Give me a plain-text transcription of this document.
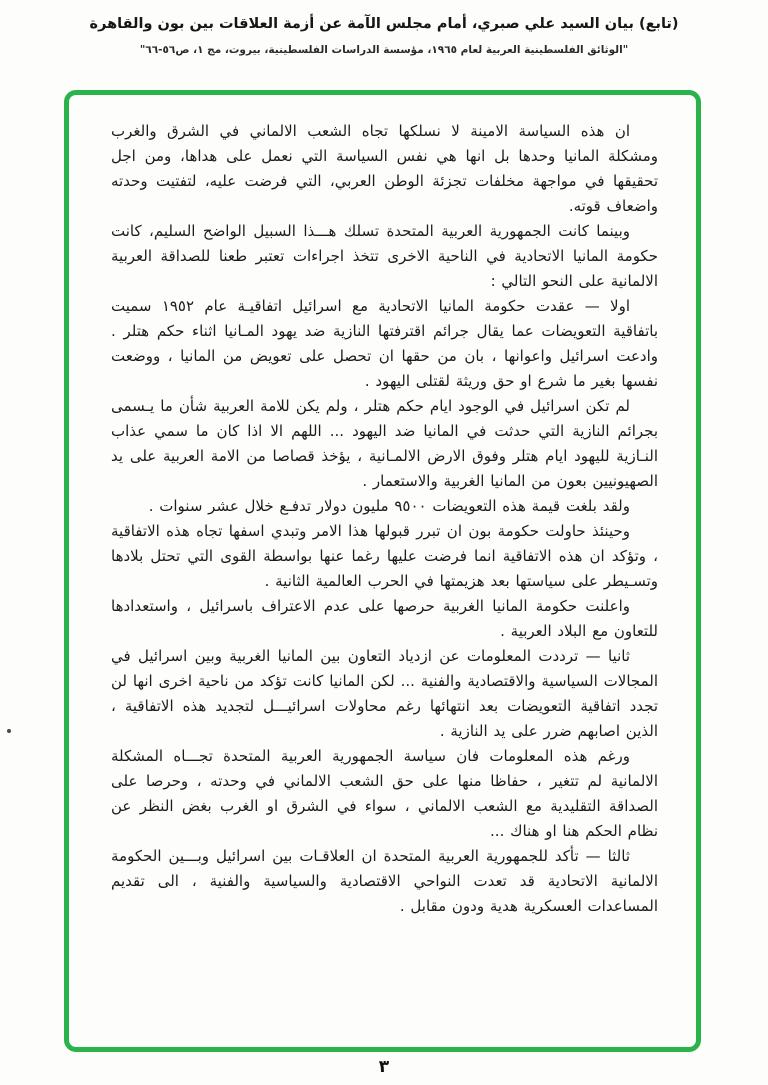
(تابع) بيان السيد علي صبري، أمام مجلس الآمة عن أزمة العلاقات بين بون والقاهرة
"الوثائق الفلسطينية العربية لعام ١٩٦٥، مؤسسة الدراسات الفلسطينية، بيروت، مج ١، ص٥٦-٦٦"

ان هذه السياسة الامينة لا نسلكها تجاه الشعب الالماني في الشرق والغرب ومشكلة المانيا وحدها بل انها هي نفس السياسة التي نعمل على هداها، ومن اجل تحقيقها في مواجهة مخلفات تجزئة الوطن العربي، التي فرضت عليه، لتفتيت وحدته واضعاف قوته.

وبينما كانت الجمهورية العربية المتحدة تسلك هـــذا السبيل الواضح السليم، كانت حكومة المانيا الاتحادية في الناحية الاخرى تتخذ اجراءات تعتبر طعنا للصداقة العربية الالمانية على النحو التالي :

اولا — عقدت حكومة المانيا الاتحادية مع اسرائيل اتفاقيـة عام ١٩٥٢ سميت باتفاقية التعويضات عما يقال جرائم اقترفتها النازية ضد يهود المـانيا اثناء حكم هتلر . وادعت اسرائيل واعوانها ، بان من حقها ان تحصل على تعويض من المانيا ، ووضعت نفسها بغير ما شرع او حق وريثة لقتلى اليهود .

لم تكن اسرائيل في الوجود ايام حكم هتلر ، ولم يكن للامة العربية شأن ما يـسمى بجرائم النازية التي حدثت في المانيا ضد اليهود ... اللهم الا اذا كان ما سمي عذاب النـازية لليهود ايام هتلر وفوق الارض الالمـانية ، يؤخذ قصاصا من الامة العربية على يد الصهيونيين بعون من المانيا الغربية والاستعمار .

ولقد بلغت قيمة هذه التعويضات ٩٥٠٠ مليون دولار تدفـع خلال عشر سنوات .

وحينئذ حاولت حكومة بون ان تبرر قبولها هذا الامر وتبدي اسفها تجاه هذه الاتفاقية ، وتؤكد ان هذه الاتفاقية انما فرضت عليها رغما عنها بواسطة القوى التي تحتل بلادها وتسـيطر على سياستها بعد هزيمتها في الحرب العالمية الثانية .

واعلنت حكومة المانيا الغربية حرصها على عدم الاعتراف باسرائيل ، واستعدادها للتعاون مع البلاد العربية .

ثانيا — ترددت المعلومات عن ازدياد التعاون بين المانيا الغربية وبين اسرائيل في المجالات السياسية والاقتصادية والفنية ... لكن المانيا كانت تؤكد من ناحية اخرى انها لن تجدد اتفاقية التعويضات بعد انتهائها رغم محاولات اسرائيـــل لتجديد هذه الاتفاقية ، الذين اصابهم ضرر على يد النازية .

ورغم هذه المعلومات فان سياسة الجمهورية العربية المتحدة تجـــاه المشكلة الالمانية لم تتغير ، حفاظا منها على حق الشعب الالماني في وحدته ، وحرصا على الصداقة التقليدية مع الشعب الالماني ، سواء في الشرق او الغرب بغض النظر عن نظام الحكم هنا او هناك ...

ثالثا — تأكد للجمهورية العربية المتحدة ان العلاقـات بين اسرائيل وبـــين الحكومة الالمانية الاتحادية قد تعدت النواحي الاقتصادية والسياسية والفنية ، الى تقديم المساعدات العسكرية هدية ودون مقابل .

٣
